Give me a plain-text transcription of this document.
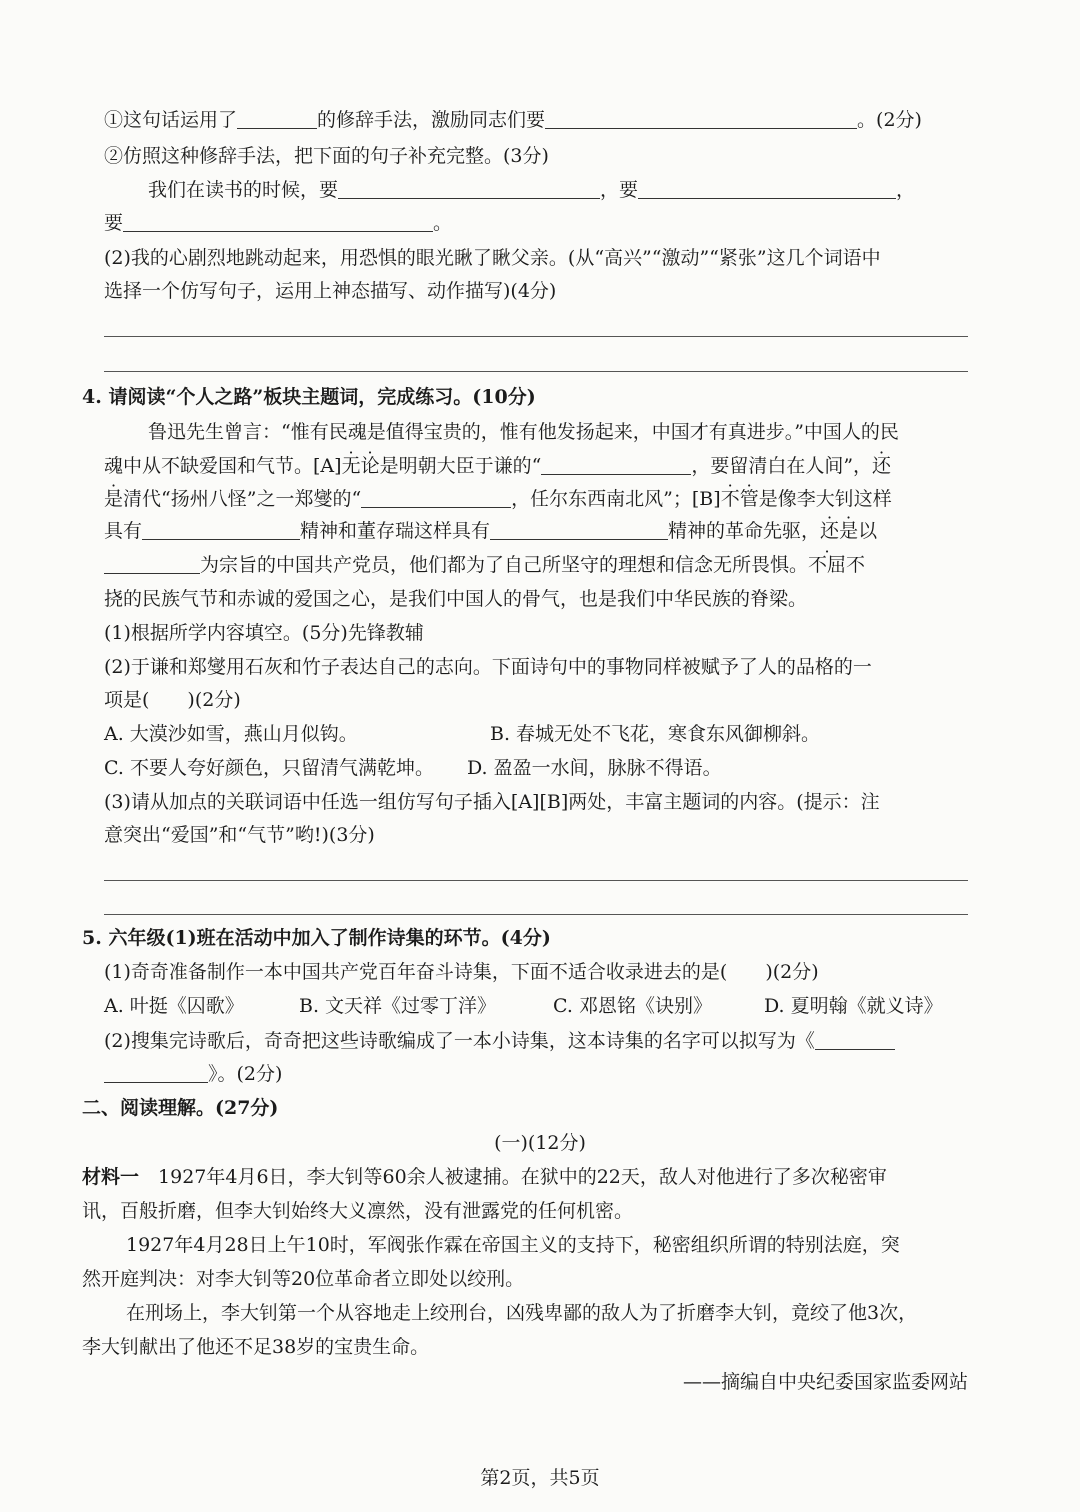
①这句话运用了	的修辞手法，激励同志们要	。(2分)
②仿照这种修辞手法，把下面的句子补充完整。(3分)
我们在读书的时候，要	，要	，
要	。
(2)我的心剧烈地跳动起来，用恐惧的眼光瞅了瞅父亲。(从“高兴”“激动”“紧张”这几个词语中
选择一个仿写句子，运用上神态描写、动作描写)(4分)
4. 请阅读“个人之路”板块主题词，完成练习。(10分)
鲁迅先生曾言：“惟有民魂是值得宝贵的，惟有他发扬起来，中国才有真进步。”中国人的民
魂中从不缺爱国和气节。[A]无论是明朝大臣于谦的“	，要留清白在人间”，还
是清代“扬州八怪”之一郑燮的“	，任尔东西南北风”；[B]不管是像李大钊这样
具有	精神和董存瑞这样具有	精神的革命先驱，还是以
为宗旨的中国共产党员，他们都为了自己所坚守的理想和信念无所畏惧。不屈不
挠的民族气节和赤诚的爱国之心，是我们中国人的骨气，也是我们中华民族的脊梁。
(1)根据所学内容填空。(5分)先锋教辅
(2)于谦和郑燮用石灰和竹子表达自己的志向。下面诗句中的事物同样被赋予了人的品格的一
项是(　　)(2分)
A. 大漠沙如雪，燕山月似钩。	B. 春城无处不飞花，寒食东风御柳斜。
C. 不要人夸好颜色，只留清气满乾坤。 D. 盈盈一水间，脉脉不得语。
(3)请从加点的关联词语中任选一组仿写句子插入[A][B]两处，丰富主题词的内容。(提示：注
意突出“爱国”和“气节”哟!)(3分)
5. 六年级(1)班在活动中加入了制作诗集的环节。(4分)
(1)奇奇准备制作一本中国共产党百年奋斗诗集，下面不适合收录进去的是(　　)(2分)
A. 叶挺《囚歌》	B. 文天祥《过零丁洋》	C. 邓恩铭《诀别》	D. 夏明翰《就义诗》
(2)搜集完诗歌后，奇奇把这些诗歌编成了一本小诗集，这本诗集的名字可以拟写为《
》。(2分)
二、阅读理解。(27分)
(一)(12分)
材料一　1927年4月6日，李大钊等60余人被逮捕。在狱中的22天，敌人对他进行了多次秘密审
讯，百般折磨，但李大钊始终大义凛然，没有泄露党的任何机密。
1927年4月28日上午10时，军阀张作霖在帝国主义的支持下，秘密组织所谓的特别法庭，突
然开庭判决：对李大钊等20位革命者立即处以绞刑。
在刑场上，李大钊第一个从容地走上绞刑台，凶残卑鄙的敌人为了折磨李大钊，竟绞了他3次，
李大钊献出了他还不足38岁的宝贵生命。
——摘编自中央纪委国家监委网站
第2页，共5页
